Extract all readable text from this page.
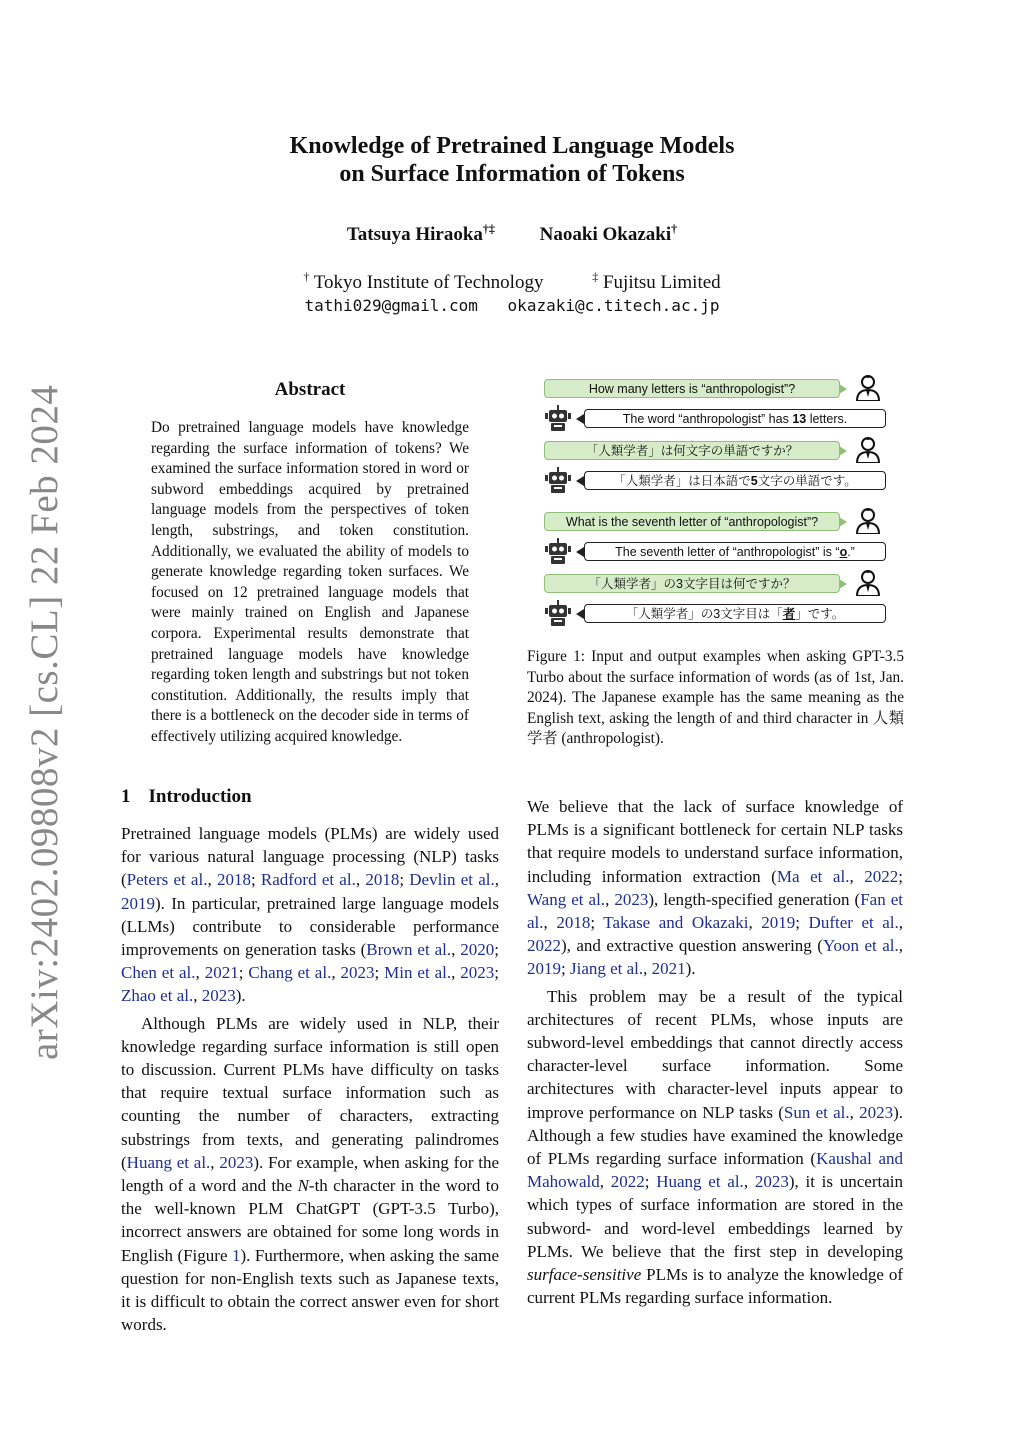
arXiv:2402.09808v2 [cs.CL] 22 Feb 2024
Knowledge of Pretrained Language Models
on Surface Information of Tokens
Tatsuya Hiraoka†‡ Naoaki Okazaki†
† Tokyo Institute of Technology	‡ Fujitsu Limited
tathi029@gmail.com okazaki@c.titech.ac.jp
Abstract
Do pretrained language models have knowledge regarding the surface information of tokens? We examined the surface information stored in word or subword embeddings acquired by pretrained language models from the perspectives of token length, substrings, and token constitution. Additionally, we evaluated the ability of models to generate knowledge regarding token surfaces. We focused on 12 pretrained language models that were mainly trained on English and Japanese corpora. Experimental results demonstrate that pretrained language models have knowledge regarding token length and substrings but not token constitution. Additionally, the results imply that there is a bottleneck on the decoder side in terms of effectively utilizing acquired knowledge.
How many letters is “anthropologist”?
The word “anthropologist” has 13 letters.
「人類学者」は何文字の単語ですか？
「人類学者」は日本語で5文字の単語です。
What is the seventh letter of “anthropologist”?
The seventh letter of “anthropologist” is “o.”
「人類学者」の3文字目は何ですか？
「人類学者」の3文字目は「者」です。
Figure 1: Input and output examples when asking GPT-3.5 Turbo about the surface information of words (as of 1st, Jan. 2024). The Japanese example has the same meaning as the English text, asking the length of and third character in 人類学者 (anthropologist).
1 Introduction

Pretrained language models (PLMs) are widely used for various natural language processing (NLP) tasks (Peters et al., 2018; Radford et al., 2018; Devlin et al., 2019). In particular, pretrained large language models (LLMs) contribute to considerable performance improvements on generation tasks (Brown et al., 2020; Chen et al., 2021; Chang et al., 2023; Min et al., 2023; Zhao et al., 2023).

Although PLMs are widely used in NLP, their knowledge regarding surface information is still open to discussion. Current PLMs have difficulty on tasks that require textual surface information such as counting the number of characters, extracting substrings from texts, and generating palindromes (Huang et al., 2023). For example, when asking for the length of a word and the N-th character in the word to the well-known PLM ChatGPT (GPT-3.5 Turbo), incorrect answers are obtained for some long words in English (Figure 1). Furthermore, when asking the same question for non-English texts such as Japanese texts, it is difficult to obtain the correct answer even for short words.

We believe that the lack of surface knowledge of PLMs is a significant bottleneck for certain NLP tasks that require models to understand surface information, including information extraction (Ma et al., 2022; Wang et al., 2023), length-specified generation (Fan et al., 2018; Takase and Okazaki, 2019; Dufter et al., 2022), and extractive question answering (Yoon et al., 2019; Jiang et al., 2021).

This problem may be a result of the typical architectures of recent PLMs, whose inputs are subword-level embeddings that cannot directly access character-level surface information. Some architectures with character-level inputs appear to improve performance on NLP tasks (Sun et al., 2023). Although a few studies have examined the knowledge of PLMs regarding surface information (Kaushal and Mahowald, 2022; Huang et al., 2023), it is uncertain which types of surface information are stored in the subword- and word-level embeddings learned by PLMs. We believe that the first step in developing surface-sensitive PLMs is to analyze the knowledge of current PLMs regarding surface information.
